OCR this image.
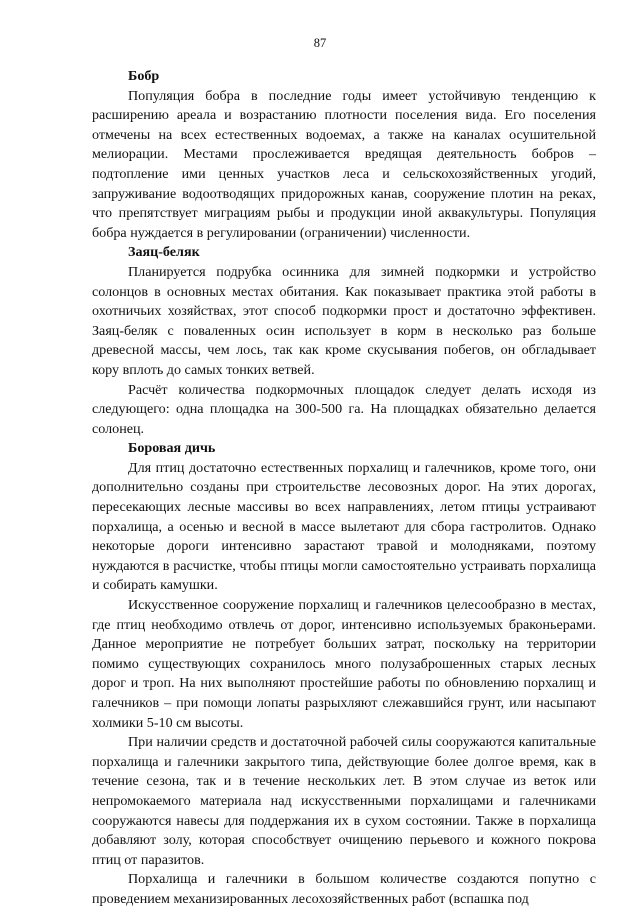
87

Бобр

Популяция бобра в последние годы имеет устойчивую тенденцию к расширению ареала и возрастанию плотности поселения вида. Его поселения отмечены на всех естественных водоемах, а также на каналах осушительной мелиорации. Местами прослеживается вредящая деятельность бобров – подтопление ими ценных участков леса и сельскохозяйственных угодий, запруживание водоотводящих придорожных канав, сооружение плотин на реках, что препятствует миграциям рыбы и продукции иной аквакультуры. Популяция бобра нуждается в регулировании (ограничении) численности.

Заяц-беляк

Планируется подрубка осинника для зимней подкормки и устройство солонцов в основных местах обитания. Как показывает практика этой работы в охотничьих хозяйствах, этот способ подкормки прост и достаточно эффективен. Заяц-беляк с поваленных осин использует в корм в несколько раз больше древесной массы, чем лось, так как кроме скусывания побегов, он обгладывает кору вплоть до самых тонких ветвей.

Расчёт количества подкормочных площадок следует делать исходя из следующего: одна площадка на 300-500 га. На площадках обязательно делается солонец.

Боровая дичь

Для птиц достаточно естественных порхалищ и галечников, кроме того, они дополнительно созданы при строительстве лесовозных дорог. На этих дорогах, пересекающих лесные массивы во всех направлениях, летом птицы устраивают порхалища, а осенью и весной в массе вылетают для сбора гастролитов. Однако некоторые дороги интенсивно зарастают травой и молодняками, поэтому нуждаются в расчистке, чтобы птицы могли самостоятельно устраивать порхалища и собирать камушки.

Искусственное сооружение порхалищ и галечников целесообразно в местах, где птиц необходимо отвлечь от дорог, интенсивно используемых браконьерами. Данное мероприятие не потребует больших затрат, поскольку на территории помимо существующих сохранилось много полузаброшенных старых лесных дорог и троп. На них выполняют простейшие работы по обновлению порхалищ и галечников – при помощи лопаты разрыхляют слежавшийся грунт, или насыпают холмики 5-10 см высоты.

При наличии средств и достаточной рабочей силы сооружаются капитальные порхалища и галечники закрытого типа, действующие более долгое время, как в течение сезона, так и в течение нескольких лет. В этом случае из веток или непромокаемого материала над искусственными порхалищами и галечниками сооружаются навесы для поддержания их в сухом состоянии. Также в порхалища добавляют золу, которая способствует очищению перьевого и кожного покрова птиц от паразитов.

Порхалища и галечники в большом количестве создаются попутно с проведением механизированных лесохозяйственных работ (вспашка под
